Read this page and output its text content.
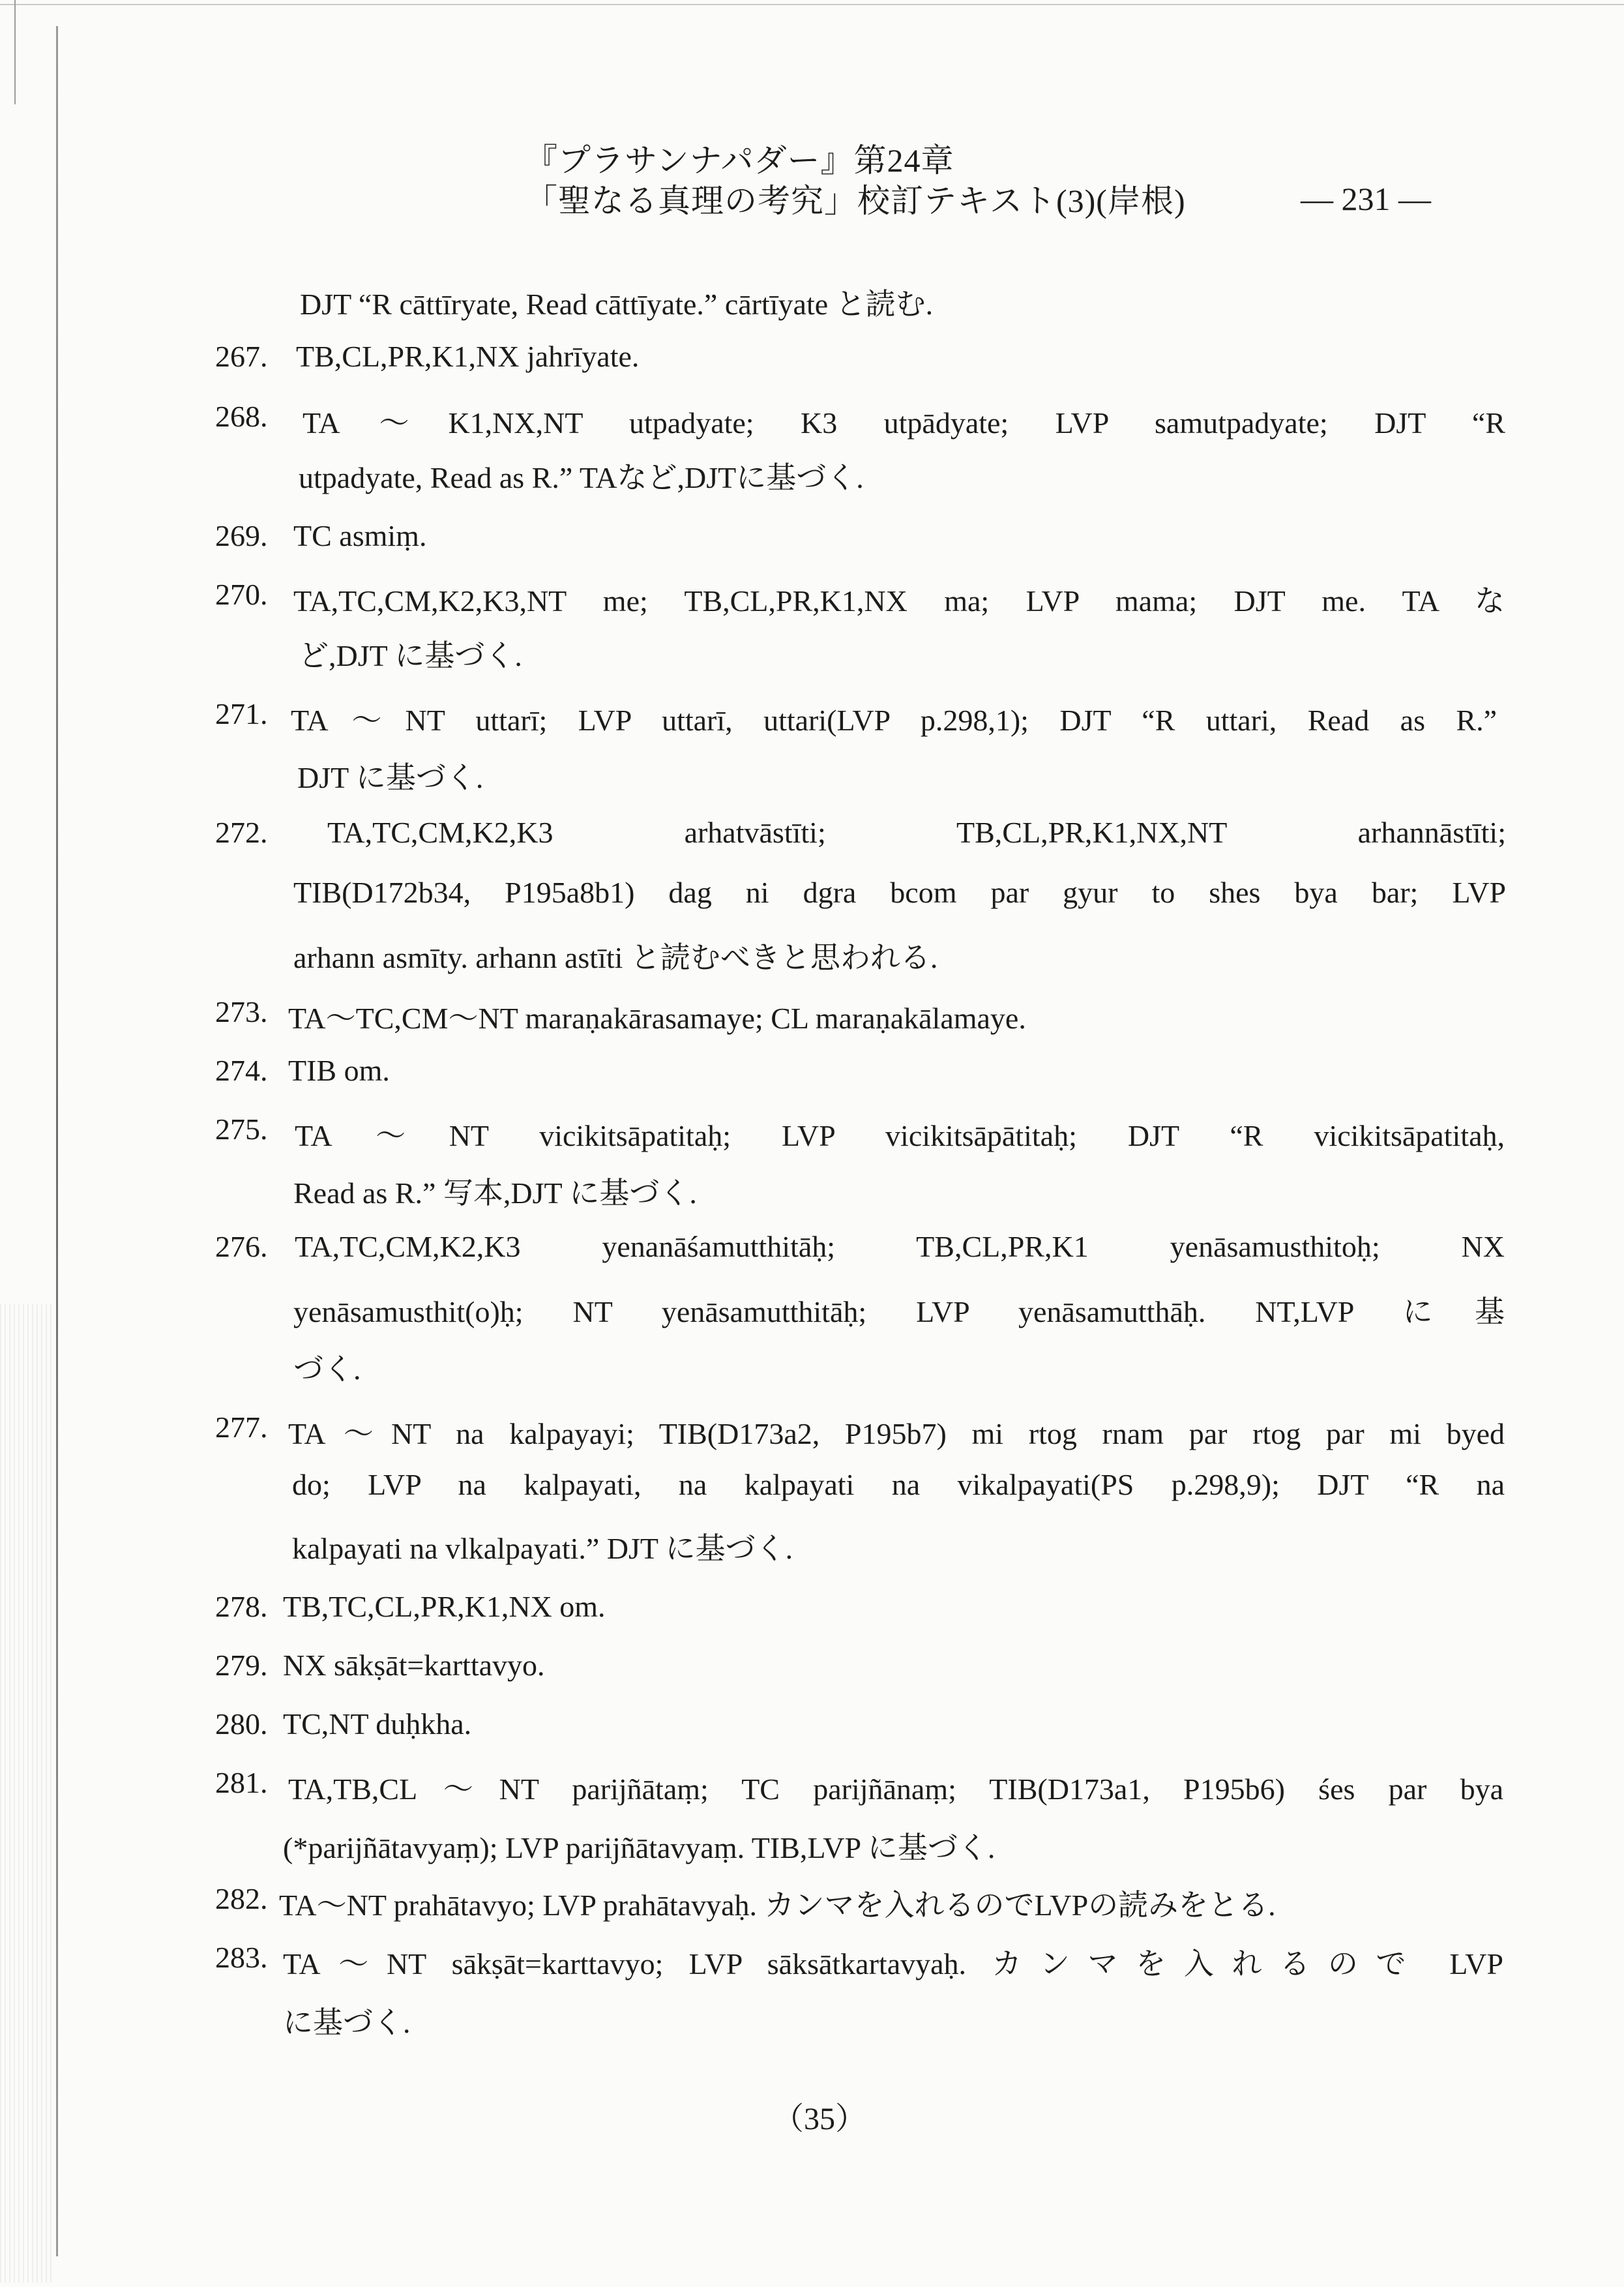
『プラサンナパダー』第24章
「聖なる真理の考究」校訂テキスト(3)(岸根)	— 231 —
DJT “R cāttīryate, Read cāttīyate.” cārtīyate と読む.
267. TB,CL,PR,K1,NX jahrīyate.
268. TA〜K1,NX,NT utpadyate; K3 utpādyate; LVP samutpadyate; DJT “R
utpadyate, Read as R.” TAなど,DJTに基づく.
269. TC asmiṃ.
270. TA,TC,CM,K2,K3,NT me; TB,CL,PR,K1,NX ma; LVP mama; DJT me. TA な
ど,DJT に基づく.
271. TA〜NT uttarī; LVP uttarī, uttari(LVP p.298,1); DJT “R uttari, Read as R.”
DJT に基づく.
272. TA,TC,CM,K2,K3 arhatvāstīti; TB,CL,PR,K1,NX,NT arhannāstīti;
TIB(D172b34, P195a8b1) dag ni dgra bcom par gyur to shes bya bar; LVP
arhann asmīty. arhann astīti と読むべきと思われる.
273. TA〜TC,CM〜NT maraṇakārasamaye; CL maraṇakālamaye.
274. TIB om.
275. TA〜NT vicikitsāpatitaḥ; LVP vicikitsāpātitaḥ; DJT “R vicikitsāpatitaḥ,
Read as R.” 写本,DJT に基づく.
276. TA,TC,CM,K2,K3 yenanāśamutthitāḥ; TB,CL,PR,K1 yenāsamusthitoḥ; NX
yenāsamusthit(o)ḥ; NT yenāsamutthitāḥ; LVP yenāsamutthāḥ. NT,LVP に基
づく.
277. TA〜NT na kalpayayi; TIB(D173a2, P195b7) mi rtog rnam par rtog par mi byed
do; LVP na kalpayati, na kalpayati na vikalpayati(PS p.298,9); DJT “R na
kalpayati na vlkalpayati.” DJT に基づく.
278. TB,TC,CL,PR,K1,NX om.
279. NX sākṣāt=karttavyo.
280. TC,NT duḥkha.
281. TA,TB,CL〜NT parijñātaṃ; TC parijñānaṃ; TIB(D173a1, P195b6) śes par bya
(*parijñātavyaṃ); LVP parijñātavyaṃ. TIB,LVP に基づく.
282. TA〜NT prahātavyo; LVP prahātavyaḥ. カンマを入れるのでLVPの読みをとる.
283. TA〜NT sākṣāt=karttavyo; LVP sāksātkartavyaḥ. カンマを入れるので LVP
に基づく.
（35）
